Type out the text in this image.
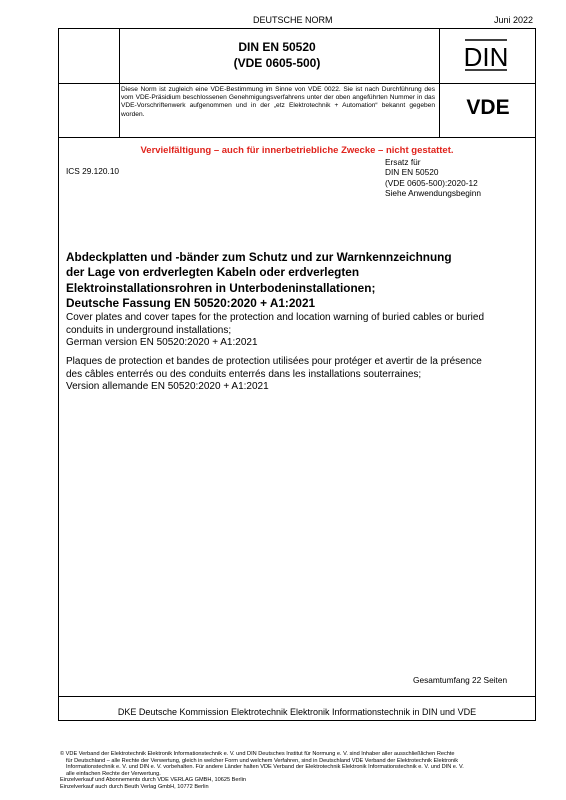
DEUTSCHE NORM	Juni 2022
DIN EN 50520
(VDE 0605-500)	DIN
Diese Norm ist zugleich eine VDE-Bestimmung im Sinne von VDE 0022. Sie ist nach Durchführung des vom VDE-Präsidium beschlossenen Genehmigungsverfahrens unter der oben angeführten Nummer in das VDE-Vorschriftenwerk aufgenommen und in der „etz Elektrotechnik + Automation“ bekannt gegeben worden.	VDE
Vervielfältigung – auch für innerbetriebliche Zwecke – nicht gestattet.
ICS 29.120.10
Ersatz für
DIN EN 50520
(VDE 0605-500):2020-12
Siehe Anwendungsbeginn
Abdeckplatten und -bänder zum Schutz und zur Warnkennzeichnung
der Lage von erdverlegten Kabeln oder erdverlegten
Elektroinstallationsrohren in Unterbodeninstallationen;
Deutsche Fassung EN 50520:2020 + A1:2021
Cover plates and cover tapes for the protection and location warning of buried cables or buried
conduits in underground installations;
German version EN 50520:2020 + A1:2021
Plaques de protection et bandes de protection utilisées pour protéger et avertir de la présence
des câbles enterrés ou des conduits enterrés dans les installations souterraines;
Version allemande EN 50520:2020 + A1:2021
Gesamtumfang 22 Seiten
DKE Deutsche Kommission Elektrotechnik Elektronik Informationstechnik in DIN und VDE
© VDE Verband der Elektrotechnik Elektronik Informationstechnik e. V. und DIN Deutsches Institut für Normung e. V. sind Inhaber aller ausschließlichen Rechte
für Deutschland – alle Rechte der Verwertung, gleich in welcher Form und welchem Verfahren, sind in Deutschland VDE Verband der Elektrotechnik Elektronik
Informationstechnik e. V. und DIN e. V. vorbehalten. Für andere Länder halten VDE Verband der Elektrotechnik Elektronik Informationstechnik e. V. und DIN e. V.
alle einfachen Rechte der Verwertung.
Einzelverkauf und Abonnements durch VDE VERLAG GMBH, 10625 Berlin
Einzelverkauf auch durch Beuth Verlag GmbH, 10772 Berlin
